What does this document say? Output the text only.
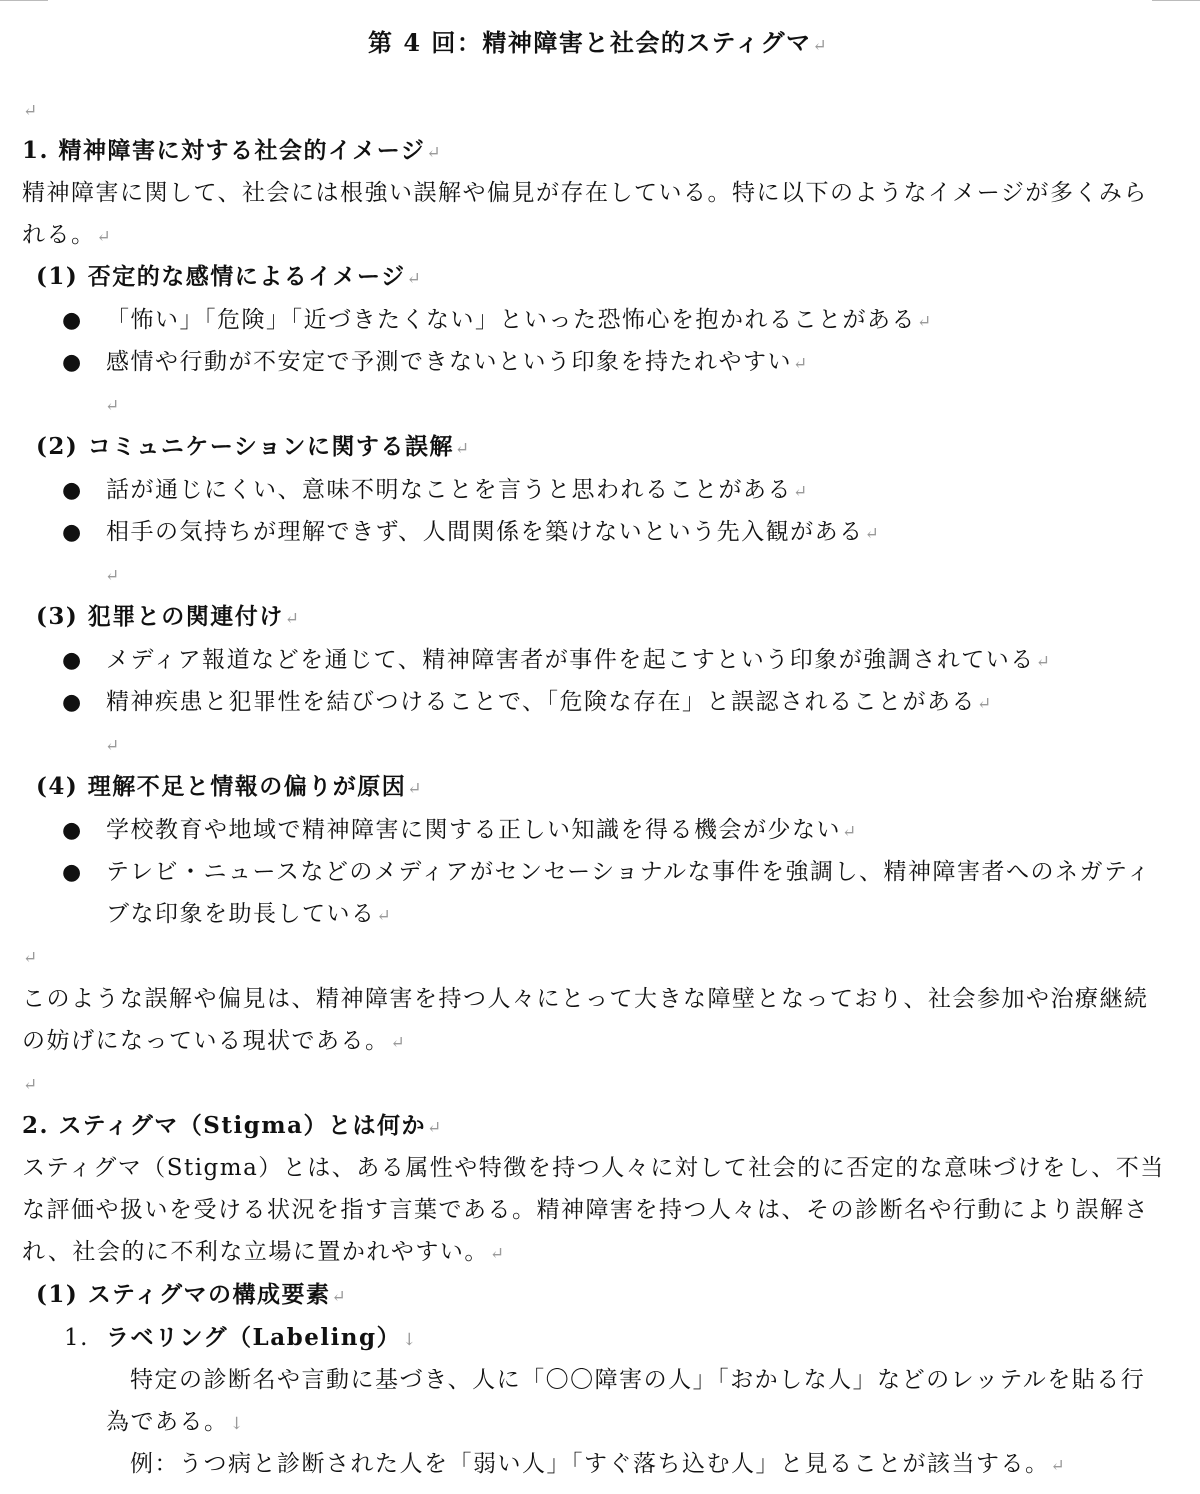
第 4 回：精神障害と社会的スティグマ↵
↵
1. 精神障害に対する社会的イメージ↵
精神障害に関して、社会には根強い誤解や偏見が存在している。特に以下のようなイメージが多くみら
れる。↵
(1) 否定的な感情によるイメージ↵
● 「怖い」「危険」「近づきたくない」といった恐怖心を抱かれることがある↵
● 感情や行動が不安定で予測できないという印象を持たれやすい↵
↵
(2) コミュニケーションに関する誤解↵
● 話が通じにくい、意味不明なことを言うと思われることがある↵
● 相手の気持ちが理解できず、人間関係を築けないという先入観がある↵
↵
(3) 犯罪との関連付け↵
● メディア報道などを通じて、精神障害者が事件を起こすという印象が強調されている↵
● 精神疾患と犯罪性を結びつけることで、「危険な存在」と誤認されることがある↵
↵
(4) 理解不足と情報の偏りが原因↵
● 学校教育や地域で精神障害に関する正しい知識を得る機会が少ない↵
● テレビ・ニュースなどのメディアがセンセーショナルな事件を強調し、精神障害者へのネガティ
ブな印象を助長している↵
↵
このような誤解や偏見は、精神障害を持つ人々にとって大きな障壁となっており、社会参加や治療継続
の妨げになっている現状である。↵
↵
2. スティグマ（Stigma）とは何か↵
スティグマ（Stigma）とは、ある属性や特徴を持つ人々に対して社会的に否定的な意味づけをし、不当
な評価や扱いを受ける状況を指す言葉である。精神障害を持つ人々は、その診断名や行動により誤解さ
れ、社会的に不利な立場に置かれやすい。↵
(1) スティグマの構成要素↵
1. ラベリング（Labeling）↓
特定の診断名や言動に基づき、人に「〇〇障害の人」「おかしな人」などのレッテルを貼る行
為である。↓
例：うつ病と診断された人を「弱い人」「すぐ落ち込む人」と見ることが該当する。↵
